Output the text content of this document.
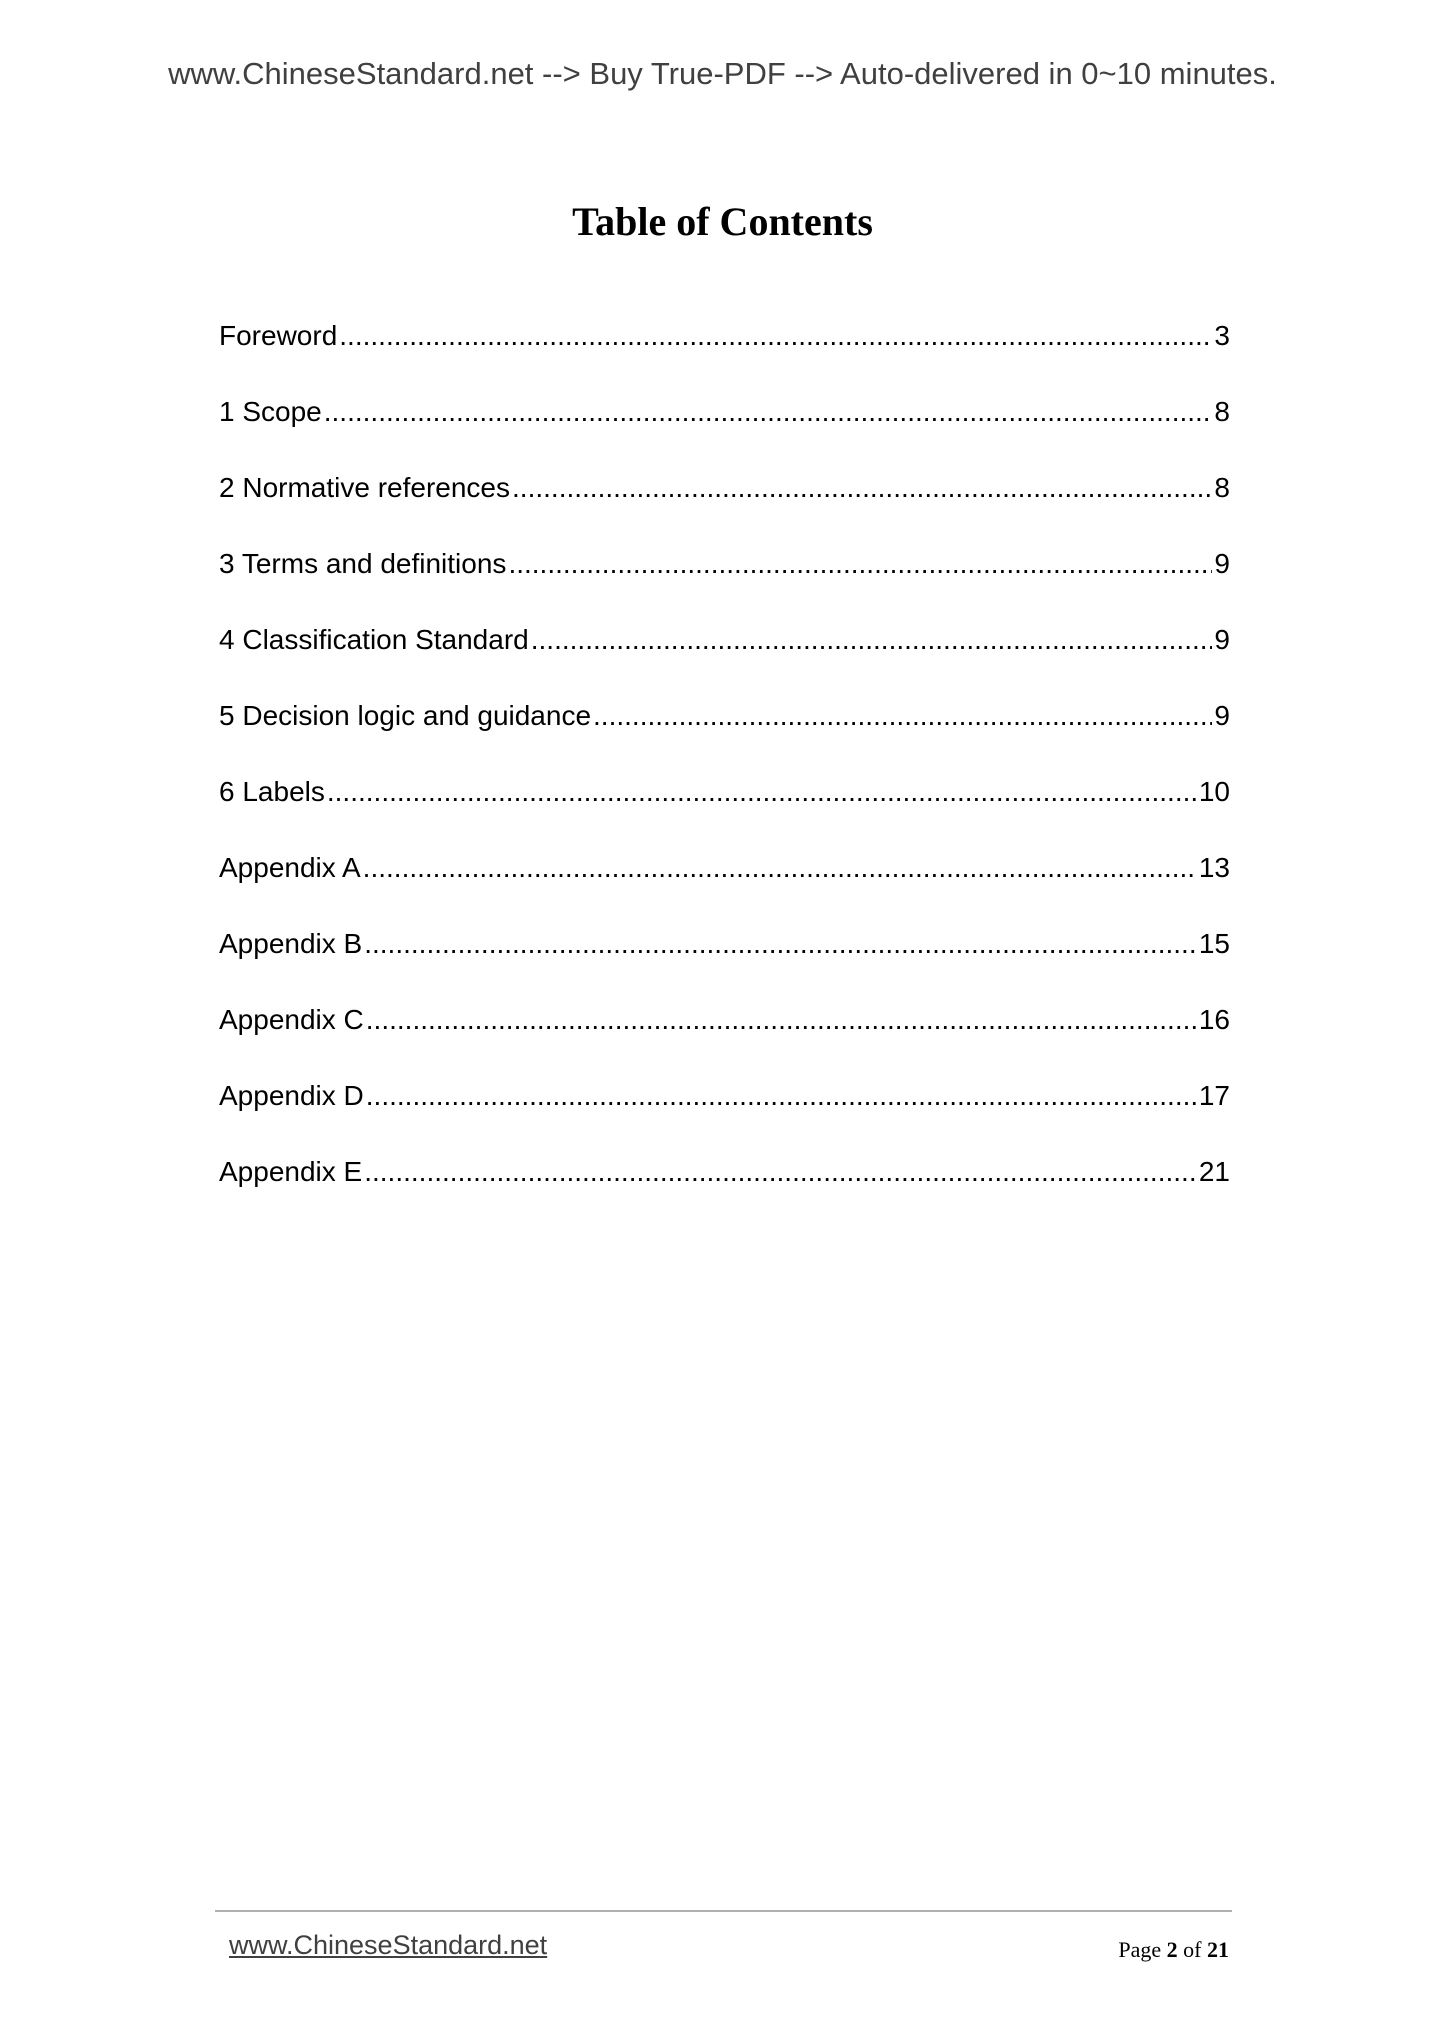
www.ChineseStandard.net --> Buy True-PDF --> Auto-delivered in 0~10 minutes.
Table of Contents
Foreword .....	3
1 Scope .....	8
2 Normative references .....	8
3 Terms and definitions .....	9
4 Classification Standard .....	9
5 Decision logic and guidance .....	9
6 Labels .....	10
Appendix A .....	13
Appendix B .....	15
Appendix C .....	16
Appendix D .....	17
Appendix E .....	21
www.ChineseStandard.net	Page 2 of 21
